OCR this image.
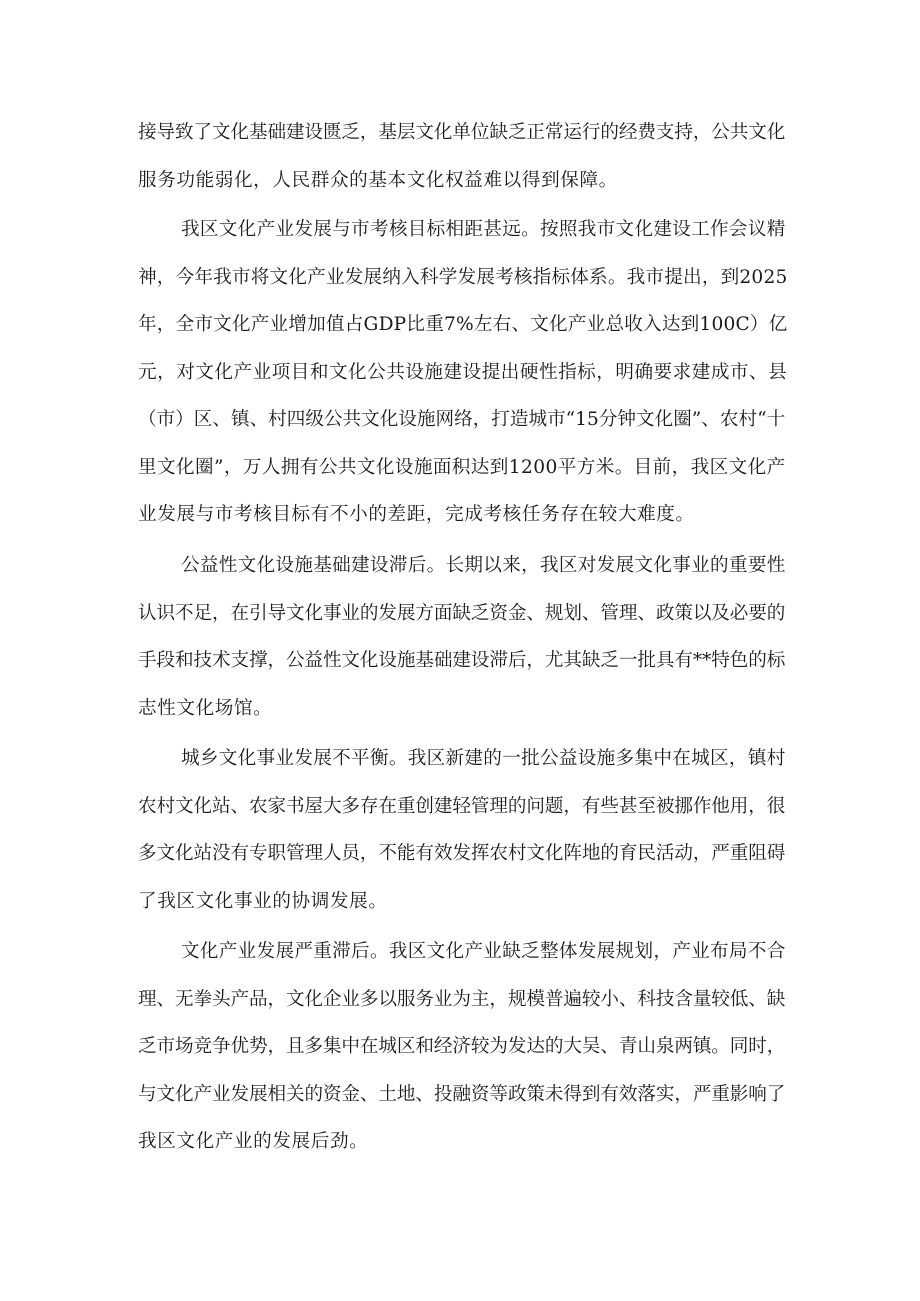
接导致了文化基础建设匮乏，基层文化单位缺乏正常运行的经费支持，公共文化
服务功能弱化，人民群众的基本文化权益难以得到保障。
我区文化产业发展与市考核目标相距甚远。按照我市文化建设工作会议精
神，今年我市将文化产业发展纳入科学发展考核指标体系。我市提出，到2025
年，全市文化产业增加值占GDP比重7%左右、文化产业总收入达到100C）亿
元，对文化产业项目和文化公共设施建设提出硬性指标，明确要求建成市、县
（市）区、镇、村四级公共文化设施网络，打造城市“15分钟文化圈”、农村“十
里文化圈”，万人拥有公共文化设施面积达到1200平方米。目前，我区文化产
业发展与市考核目标有不小的差距，完成考核任务存在较大难度。
公益性文化设施基础建设滞后。长期以来，我区对发展文化事业的重要性
认识不足，在引导文化事业的发展方面缺乏资金、规划、管理、政策以及必要的
手段和技术支撑，公益性文化设施基础建设滞后，尤其缺乏一批具有**特色的标
志性文化场馆。
城乡文化事业发展不平衡。我区新建的一批公益设施多集中在城区，镇村
农村文化站、农家书屋大多存在重创建轻管理的问题，有些甚至被挪作他用，很
多文化站没有专职管理人员，不能有效发挥农村文化阵地的育民活动，严重阻碍
了我区文化事业的协调发展。
文化产业发展严重滞后。我区文化产业缺乏整体发展规划，产业布局不合
理、无拳头产品，文化企业多以服务业为主，规模普遍较小、科技含量较低、缺
乏市场竞争优势，且多集中在城区和经济较为发达的大吴、青山泉两镇。同时，
与文化产业发展相关的资金、土地、投融资等政策未得到有效落实，严重影响了
我区文化产业的发展后劲。
